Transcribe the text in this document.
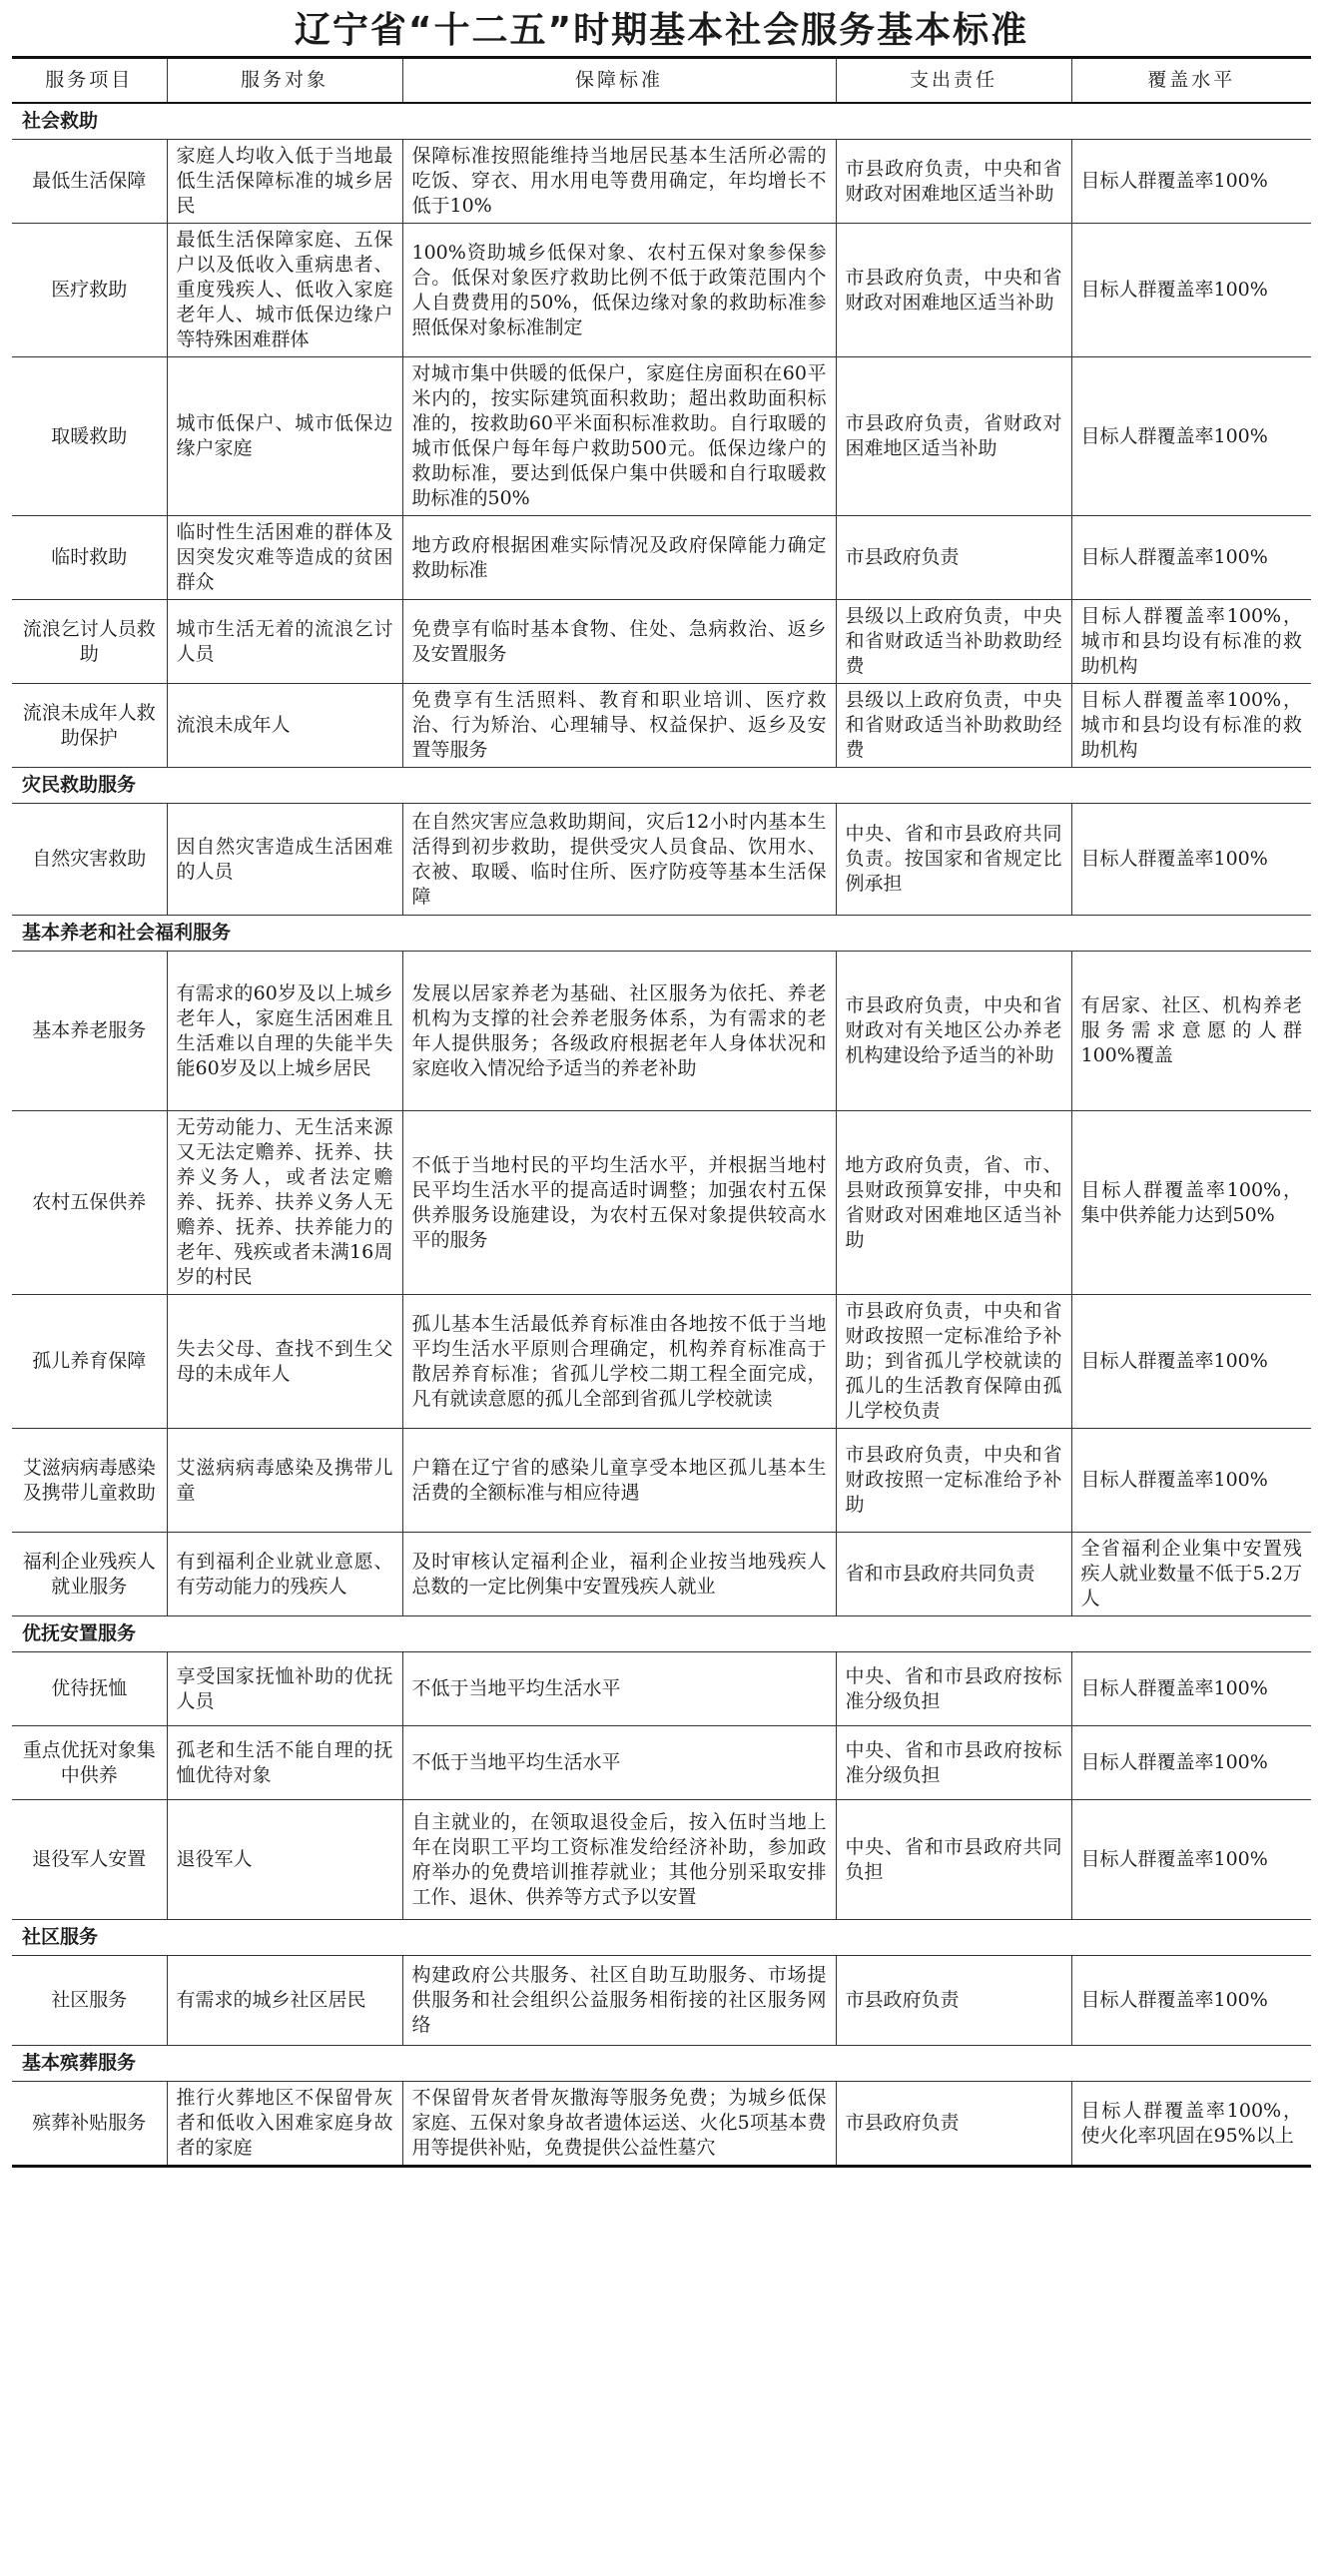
辽宁省“十二五”时期基本社会服务基本标准
服务项目	服务对象	保障标准	支出责任	覆盖水平
社会救助				
最低生活保障	家庭人均收入低于当地最低生活保障标准的城乡居民	保障标准按照能维持当地居民基本生活所必需的吃饭、穿衣、用水用电等费用确定，年均增长不低于10%	市县政府负责，中央和省财政对困难地区适当补助	目标人群覆盖率100%
医疗救助	最低生活保障家庭、五保户以及低收入重病患者、重度残疾人、低收入家庭老年人、城市低保边缘户等特殊困难群体	100%资助城乡低保对象、农村五保对象参保参合。低保对象医疗救助比例不低于政策范围内个人自费费用的50%，低保边缘对象的救助标准参照低保对象标准制定	市县政府负责，中央和省财政对困难地区适当补助	目标人群覆盖率100%
取暖救助	城市低保户、城市低保边缘户家庭	对城市集中供暖的低保户，家庭住房面积在60平米内的，按实际建筑面积救助；超出救助面积标准的，按救助60平米面积标准救助。自行取暖的城市低保户每年每户救助500元。低保边缘户的救助标准，要达到低保户集中供暖和自行取暖救助标准的50%	市县政府负责，省财政对困难地区适当补助	目标人群覆盖率100%
临时救助	临时性生活困难的群体及因突发灾难等造成的贫困群众	地方政府根据困难实际情况及政府保障能力确定救助标准	市县政府负责	目标人群覆盖率100%
流浪乞讨人员救助	城市生活无着的流浪乞讨人员	免费享有临时基本食物、住处、急病救治、返乡及安置服务	县级以上政府负责，中央和省财政适当补助救助经费	目标人群覆盖率100%，城市和县均设有标准的救助机构
流浪未成年人救助保护	流浪未成年人	免费享有生活照料、教育和职业培训、医疗救治、行为矫治、心理辅导、权益保护、返乡及安置等服务	县级以上政府负责，中央和省财政适当补助救助经费	目标人群覆盖率100%，城市和县均设有标准的救助机构
灾民救助服务				
自然灾害救助	因自然灾害造成生活困难的人员	在自然灾害应急救助期间，灾后12小时内基本生活得到初步救助，提供受灾人员食品、饮用水、衣被、取暖、临时住所、医疗防疫等基本生活保障	中央、省和市县政府共同负责。按国家和省规定比例承担	目标人群覆盖率100%
基本养老和社会福利服务				
基本养老服务	有需求的60岁及以上城乡老年人，家庭生活困难且生活难以自理的失能半失能60岁及以上城乡居民	发展以居家养老为基础、社区服务为依托、养老机构为支撑的社会养老服务体系，为有需求的老年人提供服务；各级政府根据老年人身体状况和家庭收入情况给予适当的养老补助	市县政府负责，中央和省财政对有关地区公办养老机构建设给予适当的补助	有居家、社区、机构养老服务需求意愿的人群100%覆盖
农村五保供养	无劳动能力、无生活来源又无法定赡养、抚养、扶养义务人，或者法定赡养、抚养、扶养义务人无赡养、抚养、扶养能力的老年、残疾或者未满16周岁的村民	不低于当地村民的平均生活水平，并根据当地村民平均生活水平的提高适时调整；加强农村五保供养服务设施建设，为农村五保对象提供较高水平的服务	地方政府负责，省、市、县财政预算安排，中央和省财政对困难地区适当补助	目标人群覆盖率100%，集中供养能力达到50%
孤儿养育保障	失去父母、查找不到生父母的未成年人	孤儿基本生活最低养育标准由各地按不低于当地平均生活水平原则合理确定，机构养育标准高于散居养育标准；省孤儿学校二期工程全面完成，凡有就读意愿的孤儿全部到省孤儿学校就读	市县政府负责，中央和省财政按照一定标准给予补助；到省孤儿学校就读的孤儿的生活教育保障由孤儿学校负责	目标人群覆盖率100%
艾滋病病毒感染及携带儿童救助	艾滋病病毒感染及携带儿童	户籍在辽宁省的感染儿童享受本地区孤儿基本生活费的全额标准与相应待遇	市县政府负责，中央和省财政按照一定标准给予补助	目标人群覆盖率100%
福利企业残疾人就业服务	有到福利企业就业意愿、有劳动能力的残疾人	及时审核认定福利企业，福利企业按当地残疾人总数的一定比例集中安置残疾人就业	省和市县政府共同负责	全省福利企业集中安置残疾人就业数量不低于5.2万人
优抚安置服务				
优待抚恤	享受国家抚恤补助的优抚人员	不低于当地平均生活水平	中央、省和市县政府按标准分级负担	目标人群覆盖率100%
重点优抚对象集中供养	孤老和生活不能自理的抚恤优待对象	不低于当地平均生活水平	中央、省和市县政府按标准分级负担	目标人群覆盖率100%
退役军人安置	退役军人	自主就业的，在领取退役金后，按入伍时当地上年在岗职工平均工资标准发给经济补助，参加政府举办的免费培训推荐就业；其他分别采取安排工作、退休、供养等方式予以安置	中央、省和市县政府共同负担	目标人群覆盖率100%
社区服务				
社区服务	有需求的城乡社区居民	构建政府公共服务、社区自助互助服务、市场提供服务和社会组织公益服务相衔接的社区服务网络	市县政府负责	目标人群覆盖率100%
基本殡葬服务				
殡葬补贴服务	推行火葬地区不保留骨灰者和低收入困难家庭身故者的家庭	不保留骨灰者骨灰撒海等服务免费；为城乡低保家庭、五保对象身故者遗体运送、火化5项基本费用等提供补贴，免费提供公益性墓穴	市县政府负责	目标人群覆盖率100%，使火化率巩固在95%以上
